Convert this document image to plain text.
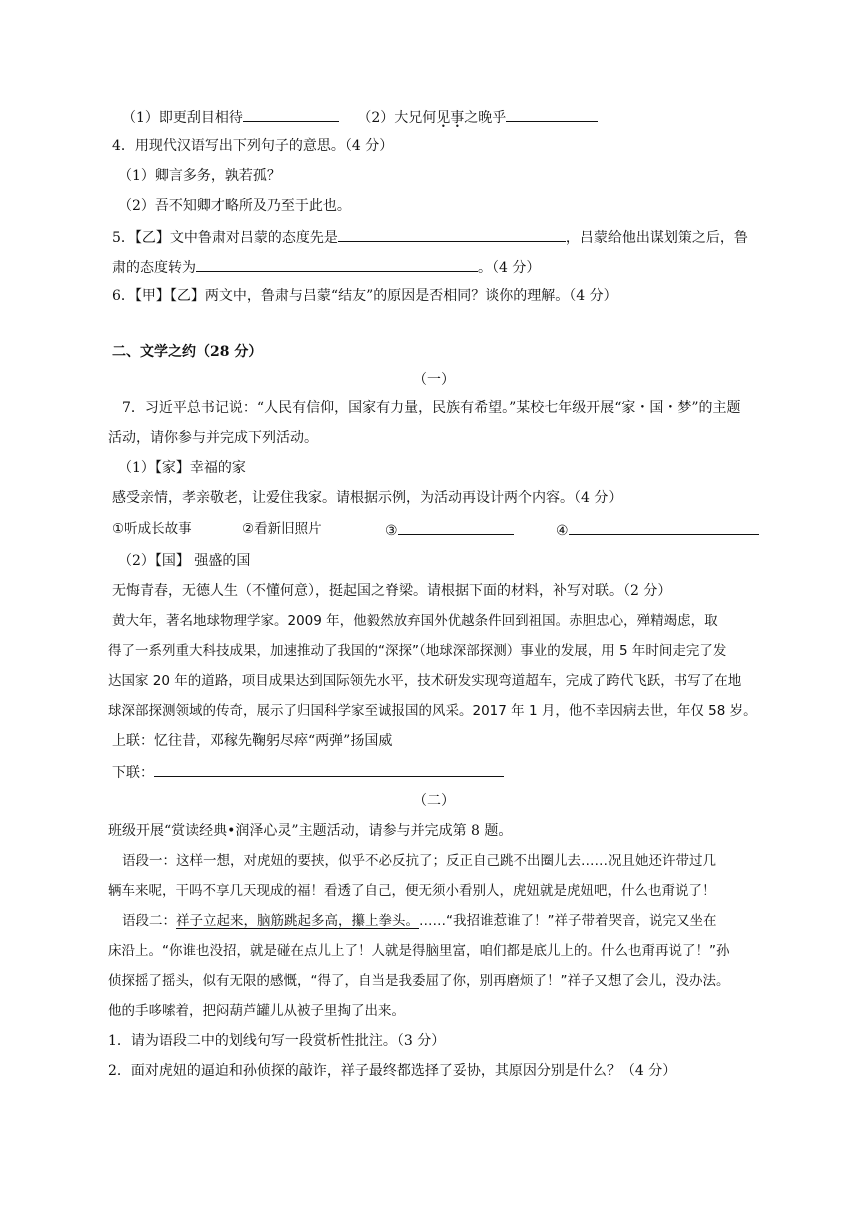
（1）即更刮目相待	（2）大兄何见事之晚乎
4．用现代汉语写出下列句子的意思。（4 分）
（1）卿言多务，孰若孤？
（2）吾不知卿才略所及乃至于此也。
5．【乙】文中鲁肃对吕蒙的态度先是	，吕蒙给他出谋划策之后，鲁
肃的态度转为	。（4 分）
6．【甲】【乙】两文中，鲁肃与吕蒙“结友”的原因是否相同？谈你的理解。（4 分）
二、文学之约（28 分）
（一）
7．习近平总书记说：“人民有信仰，国家有力量，民族有希望。”某校七年级开展“家・国・梦”的主题
活动，请你参与并完成下列活动。
（1）【家】幸福的家
感受亲情，孝亲敬老，让爱住我家。请根据示例，为活动再设计两个内容。（4 分）
①听成长故事	②看新旧照片	③	④
（2）【国】 强盛的国
无悔青春，无德人生（不懂何意），挺起国之脊梁。请根据下面的材料，补写对联。（2 分）
黄大年，著名地球物理学家。2009 年，他毅然放弃国外优越条件回到祖国。赤胆忠心，殚精竭虑，取
得了一系列重大科技成果，加速推动了我国的“深探”（地球深部探测）事业的发展，用 5 年时间走完了发
达国家 20 年的道路，项目成果达到国际领先水平，技术研发实现弯道超车，完成了跨代飞跃，书写了在地
球深部探测领域的传奇，展示了归国科学家至诚报国的风采。2017 年 1 月，他不幸因病去世，年仅 58 岁。
上联：忆往昔，邓稼先鞠躬尽瘁“两弹”扬国威
下联：
（二）
班级开展“赏读经典•润泽心灵”主题活动，请参与并完成第 8 题。
语段一：这样一想，对虎妞的要挟，似乎不必反抗了；反正自己跳不出圈儿去……况且她还许带过几
辆车来呢，干吗不享几天现成的福！看透了自己，便无须小看别人，虎妞就是虎妞吧，什么也甭说了！
语段二：祥子立起来，脑筋跳起多高，攥上拳头。……“我招谁惹谁了！”祥子带着哭音，说完又坐在
床沿上。“你谁也没招，就是碰在点儿上了！人就是得脑里富，咱们都是底儿上的。什么也甭再说了！”孙
侦探摇了摇头，似有无限的感慨，“得了，自当是我委屈了你，别再磨烦了！”祥子又想了会儿，没办法。
他的手哆嗦着，把闷葫芦罐儿从被子里掏了出来。
1．请为语段二中的划线句写一段赏析性批注。（3 分）
2．面对虎妞的逼迫和孙侦探的敲诈，祥子最终都选择了妥协，其原因分别是什么？（4 分）
